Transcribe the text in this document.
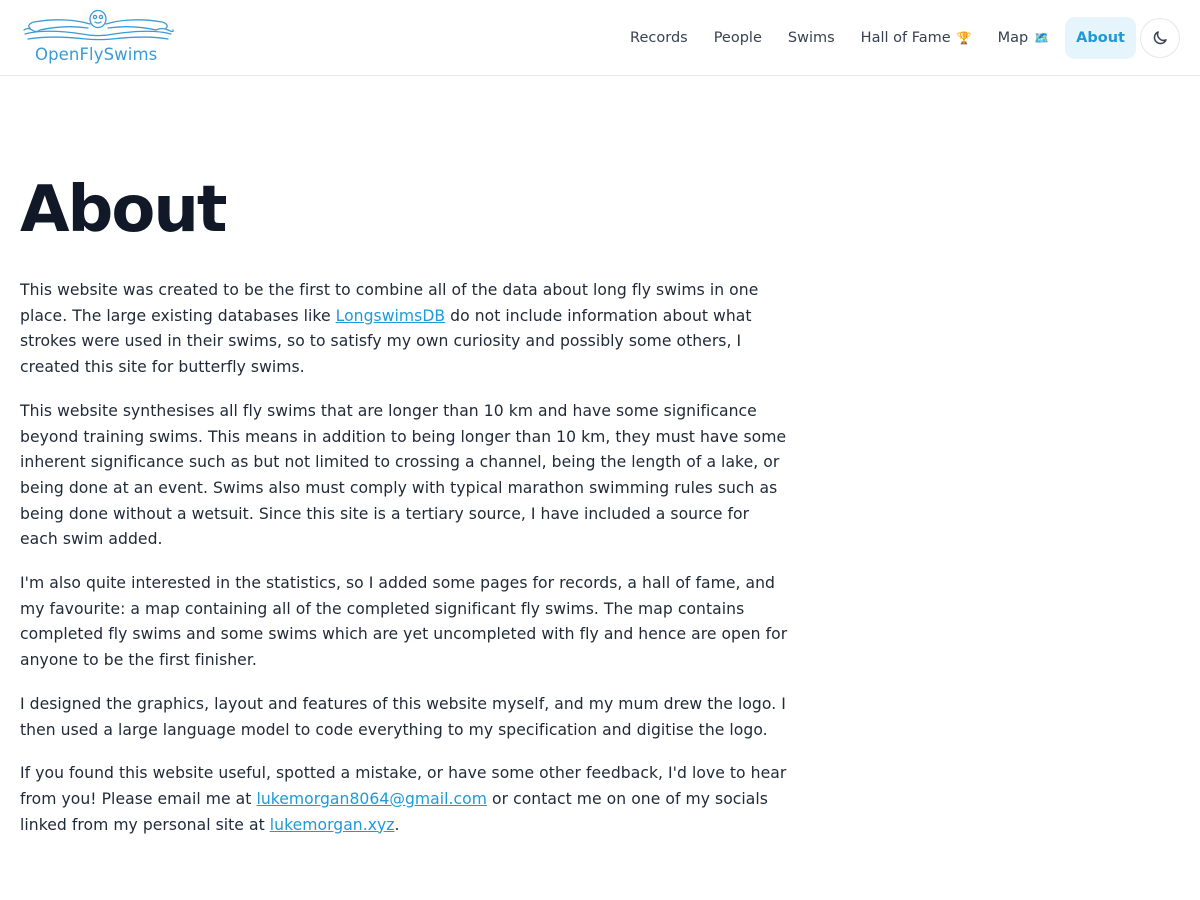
OpenFlySwims
Records People Swims Hall of Fame 🏆 Map 🗺️ About
About

This website was created to be the first to combine all of the data about long fly swims in one place. The large existing databases like LongswimsDB do not include information about what strokes were used in their swims, so to satisfy my own curiosity and possibly some others, I created this site for butterfly swims.

This website synthesises all fly swims that are longer than 10 km and have some significance beyond training swims. This means in addition to being longer than 10 km, they must have some inherent significance such as but not limited to crossing a channel, being the length of a lake, or being done at an event. Swims also must comply with typical marathon swimming rules such as being done without a wetsuit. Since this site is a tertiary source, I have included a source for each swim added.

I'm also quite interested in the statistics, so I added some pages for records, a hall of fame, and my favourite: a map containing all of the completed significant fly swims. The map contains completed fly swims and some swims which are yet uncompleted with fly and hence are open for anyone to be the first finisher.

I designed the graphics, layout and features of this website myself, and my mum drew the logo. I then used a large language model to code everything to my specification and digitise the logo.

If you found this website useful, spotted a mistake, or have some other feedback, I'd love to hear from you! Please email me at lukemorgan8064@gmail.com or contact me on one of my socials linked from my personal site at lukemorgan.xyz.
